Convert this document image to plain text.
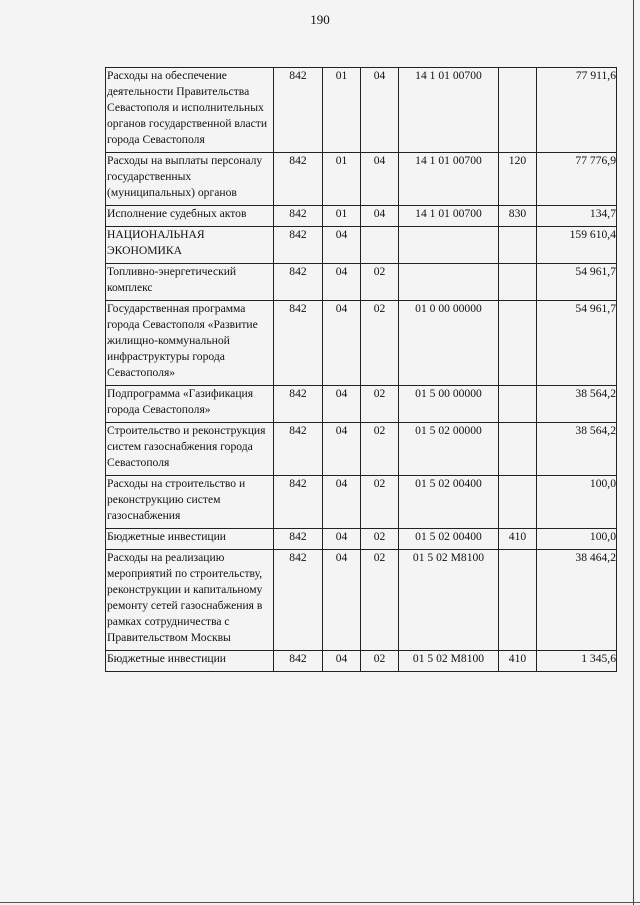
190
Расходы на обеспечение деятельности Правительства Севастополя и исполнительных органов государственной власти города Севастополя	842	01	04	14 1 01 00700		77 911,6
Расходы на выплаты персоналу государственных (муниципальных) органов	842	01	04	14 1 01 00700	120	77 776,9
Исполнение судебных актов	842	01	04	14 1 01 00700	830	134,7
НАЦИОНАЛЬНАЯ ЭКОНОМИКА	842	04				159 610,4
Топливно-энергетический комплекс	842	04	02			54 961,7
Государственная программа города Севастополя «Развитие жилищно-коммунальной инфраструктуры города Севастополя»	842	04	02	01 0 00 00000		54 961,7
Подпрограмма «Газификация города Севастополя»	842	04	02	01 5 00 00000		38 564,2
Строительство и реконструкция систем газоснабжения города Севастополя	842	04	02	01 5 02 00000		38 564,2
Расходы на строительство и реконструкцию систем газоснабжения	842	04	02	01 5 02 00400		100,0
Бюджетные инвестиции	842	04	02	01 5 02 00400	410	100,0
Расходы на реализацию мероприятий по строительству, реконструкции и капитальному ремонту сетей газоснабжения в рамках сотрудничества с Правительством Москвы	842	04	02	01 5 02 M8100		38 464,2
Бюджетные инвестиции	842	04	02	01 5 02 M8100	410	1 345,6
